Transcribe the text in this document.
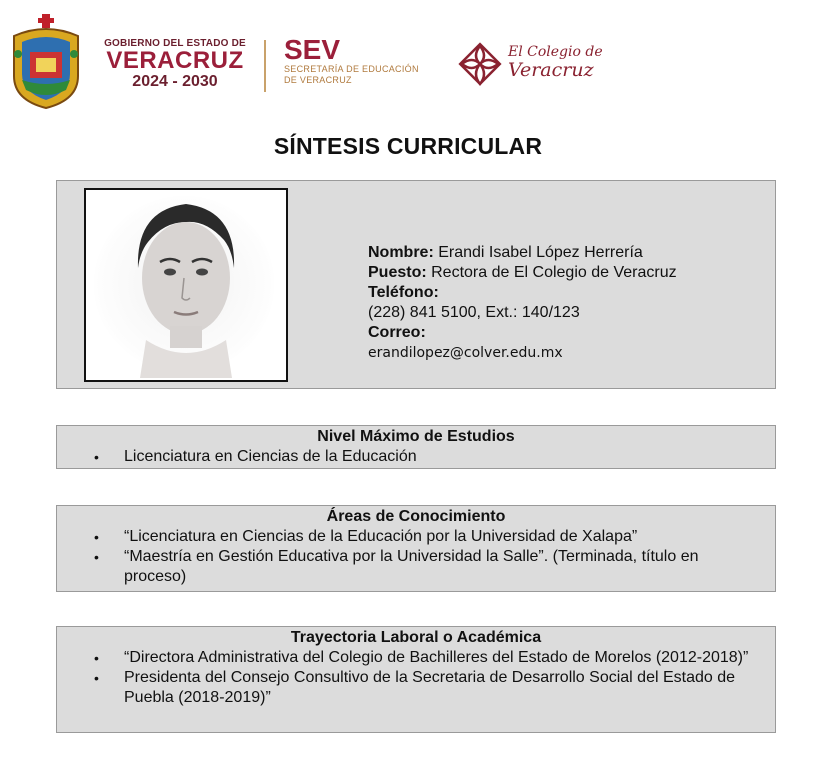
GOBIERNO DEL ESTADO DE
VERACRUZ
2024 - 2030
SEV
SECRETARÍA DE EDUCACIÓN
DE VERACRUZ
El Colegio de
Veracruz
SÍNTESIS CURRICULAR
Nombre: Erandi Isabel López Herrería
Puesto: Rectora de El Colegio de Veracruz
Teléfono:
(228) 841 5100, Ext.: 140/123
Correo:
erandilopez@colver.edu.mx
Nivel Máximo de Estudios
• Licenciatura en Ciencias de la Educación
Áreas de Conocimiento
• “Licenciatura en Ciencias de la Educación por la Universidad de Xalapa”
• “Maestría en Gestión Educativa por la Universidad la Salle”. (Terminada, título en proceso)
Trayectoria Laboral o Académica
• “Directora Administrativa del Colegio de Bachilleres del Estado de Morelos (2012-2018)”
• Presidenta del Consejo Consultivo de la Secretaria de Desarrollo Social del Estado de Puebla (2018-2019)”
